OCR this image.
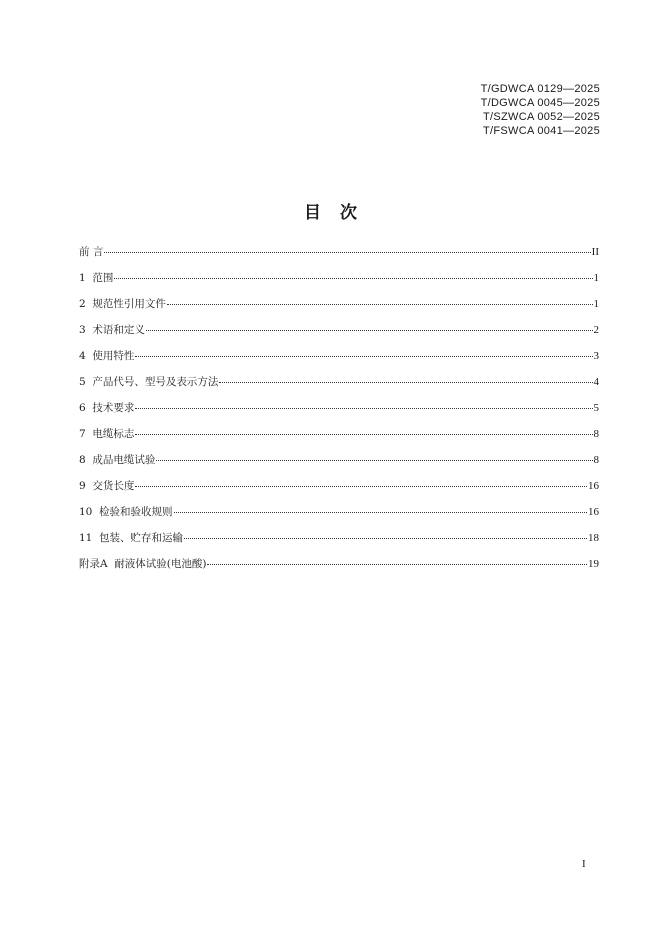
T/GDWCA 0129—2025
T/DGWCA 0045—2025
T/SZWCA 0052—2025
T/FSWCA 0041—2025
目 次
前 言	II
1 范围	1
2 规范性引用文件	1
3 术语和定义	2
4 使用特性	3
5 产品代号、型号及表示方法	4
6 技术要求	5
7 电缆标志	8
8 成品电缆试验	8
9 交货长度	16
10 检验和验收规则	16
11 包装、贮存和运输	18
附录A 耐液体试验(电池酸)	19
I
